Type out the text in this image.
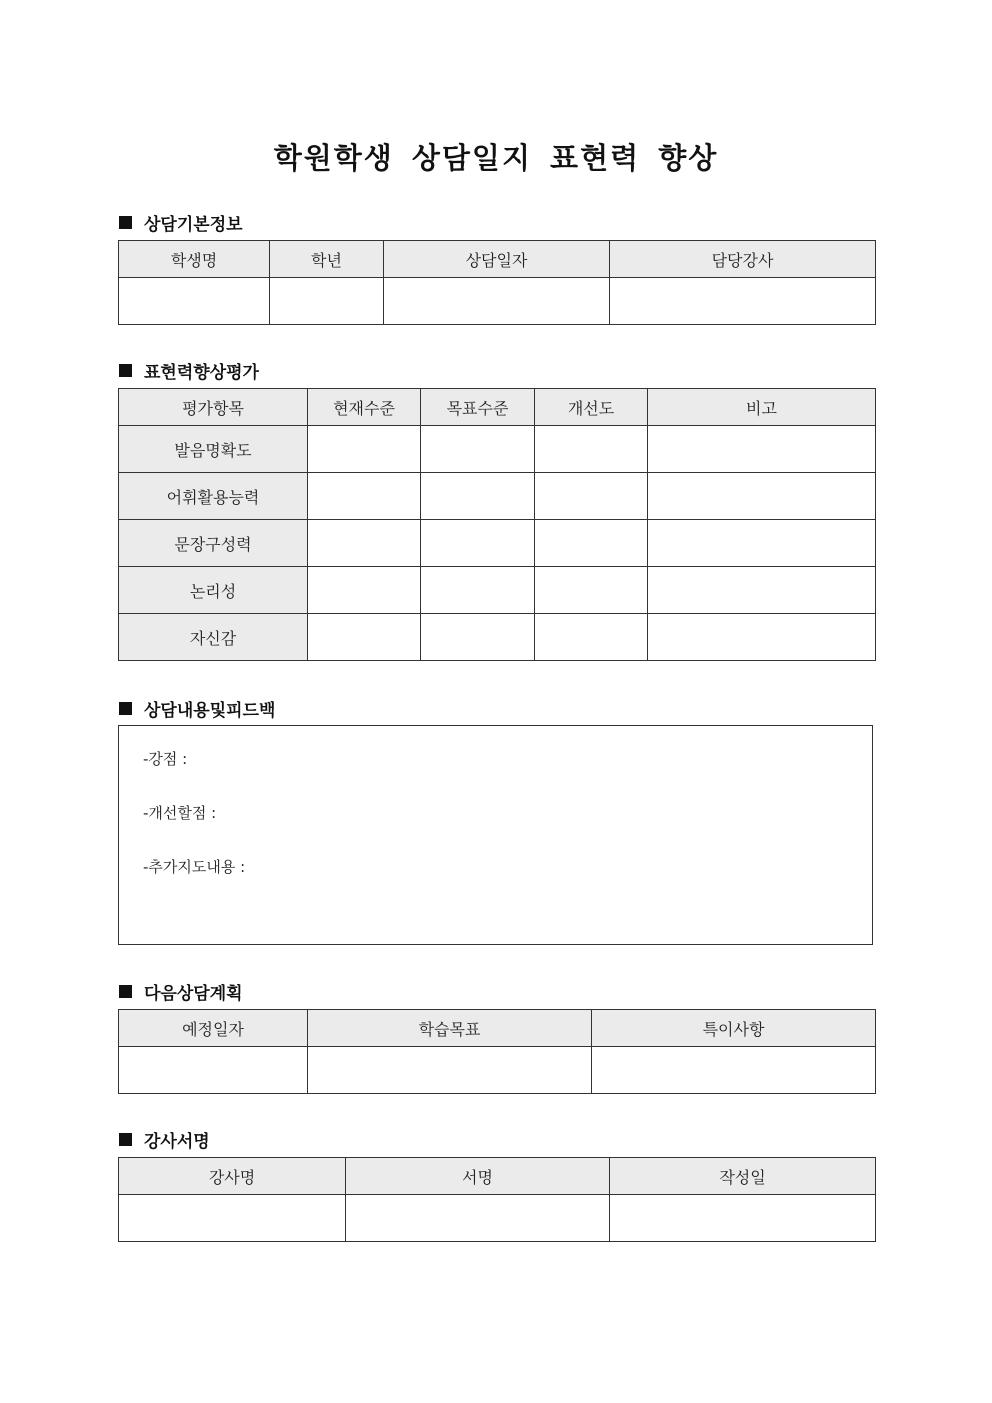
학원학생 상담일지 표현력 향상
상담기본정보
학생명	학년	상담일자	담당강사

표현력향상평가
평가항목	현재수준	목표수준	개선도	비고
발음명확도				
어휘활용능력				
문장구성력				
논리성				
자신감				
상담내용및피드백
-강점 :
-개선할점 :
-추가지도내용 :
다음상담계획
예정일자	학습목표	특이사항

강사서명
강사명	서명	작성일
